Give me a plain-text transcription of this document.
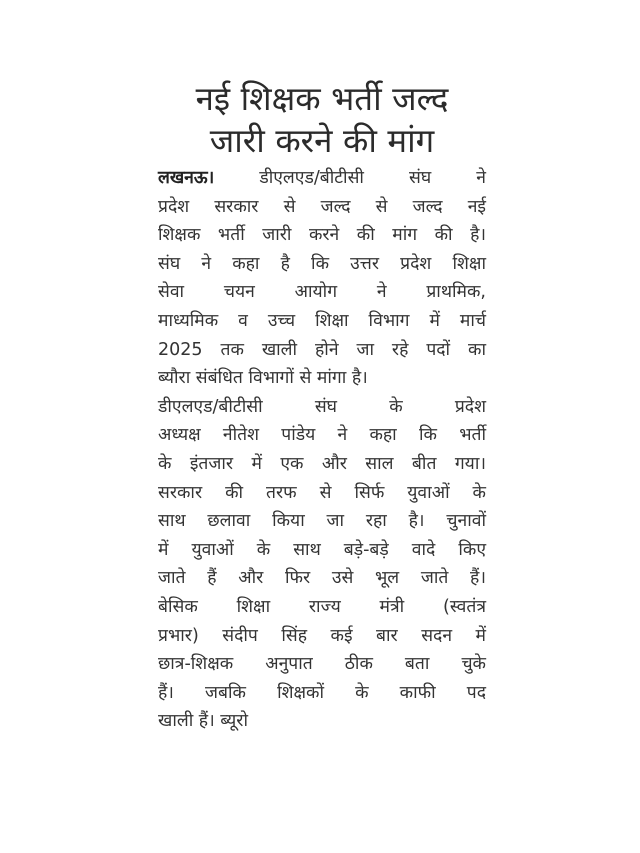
नई शिक्षक भर्ती जल्द
जारी करने की मांग
लखनऊ। डीएलएड/बीटीसी संघ ने
प्रदेश सरकार से जल्द से जल्द नई
शिक्षक भर्ती जारी करने की मांग की है।
संघ ने कहा है कि उत्तर प्रदेश शिक्षा
सेवा चयन आयोग ने प्राथमिक,
माध्यमिक व उच्च शिक्षा विभाग में मार्च
2025 तक खाली होने जा रहे पदों का
ब्यौरा संबंधित विभागों से मांगा है।
डीएलएड/बीटीसी संघ के प्रदेश
अध्यक्ष नीतेश पांडेय ने कहा कि भर्ती
के इंतजार में एक और साल बीत गया।
सरकार की तरफ से सिर्फ युवाओं के
साथ छलावा किया जा रहा है। चुनावों
में युवाओं के साथ बड़े-बड़े वादे किए
जाते हैं और फिर उसे भूल जाते हैं।
बेसिक शिक्षा राज्य मंत्री (स्वतंत्र
प्रभार) संदीप सिंह कई बार सदन में
छात्र-शिक्षक अनुपात ठीक बता चुके
हैं। जबकि शिक्षकों के काफी पद
खाली हैं। ब्यूरो
